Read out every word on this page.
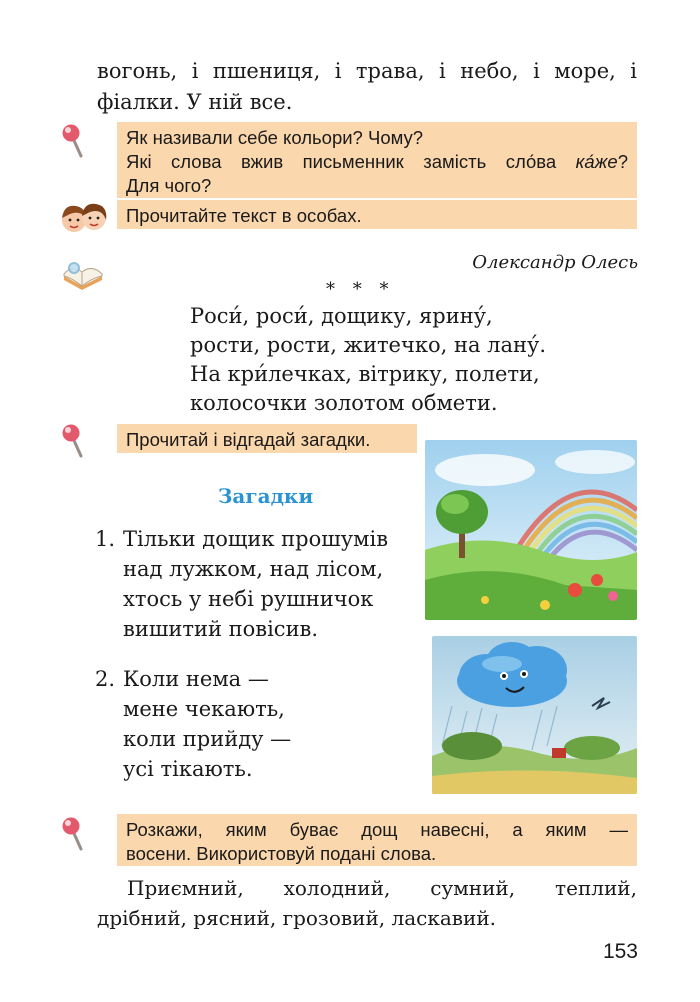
вогонь, і пшениця, і трава, і небо, і море, і
фіалки. У ній все.
Як називали себе кольори? Чому?
Які слова вжив письменник замість сло́ва ка́же?
Для чого?
Прочитайте текст в особах.
Олександр Олесь
* * *
Роси́, роси́, дощику, ярину́,
рости, рости, житечко, на лану́.
На кри́лечках, вітрику, полети,
колосочки золотом обмети.
Прочитай і відгадай загадки.
Загадки
1. Тільки дощик прошумів
над лужком, над лісом,
хтось у небі рушничок
вишитий повісив.
2. Коли нема —
мене чекають,
коли прийду —
усі тікають.
Розкажи, яким буває дощ навесні, а яким —
восени. Використовуй подані слова.
Приємний, холодний, сумний, теплий,
дрібний, рясний, грозовий, ласкавий.
153
